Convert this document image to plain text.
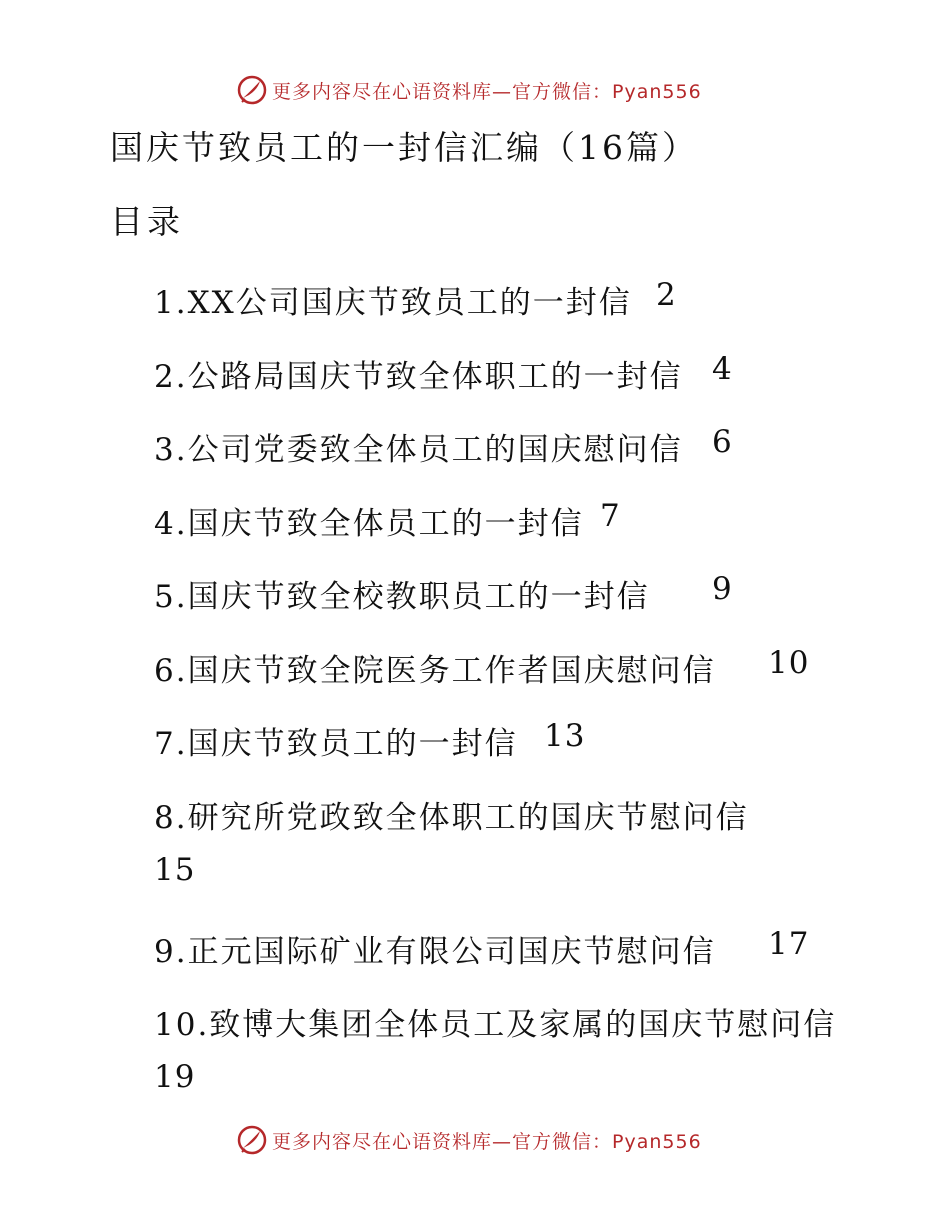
更多内容尽在心语资料库—官方微信：Pyan556
国庆节致员工的一封信汇编（16篇）
目录
1.XX公司国庆节致员工的一封信 2
2.公路局国庆节致全体职工的一封信 4
3.公司党委致全体员工的国庆慰问信 6
4.国庆节致全体员工的一封信 7
5.国庆节致全校教职员工的一封信 9
6.国庆节致全院医务工作者国庆慰问信 10
7.国庆节致员工的一封信 13
8.研究所党政致全体职工的国庆节慰问信
15
9.正元国际矿业有限公司国庆节慰问信 17
10.致博大集团全体员工及家属的国庆节慰问信
19
更多内容尽在心语资料库—官方微信：Pyan556
